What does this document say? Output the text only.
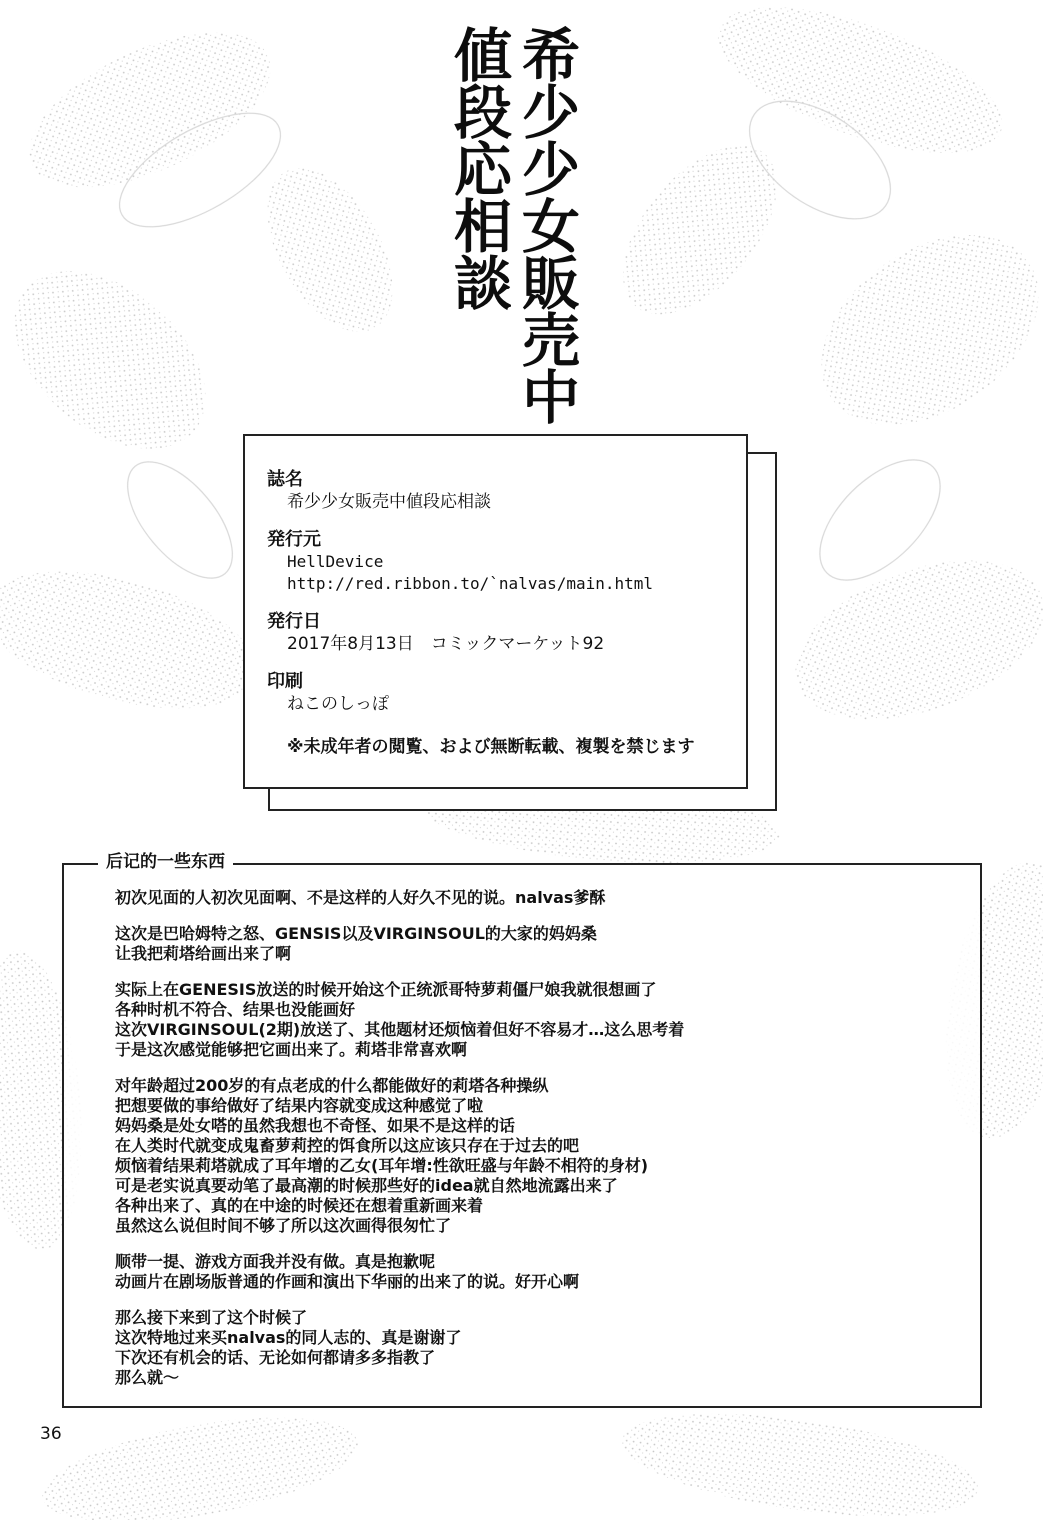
希少少女販売中
値段応相談
誌名
希少少女販売中値段応相談
発行元
HellDevice
http://red.ribbon.to/`nalvas/main.html
発行日
2017年8月13日　コミックマーケット92
印刷
ねこのしっぽ
※未成年者の閲覧、および無断転載、複製を禁じます
后记的一些东西
初次见面的人初次见面啊、不是这样的人好久不见的说。nalvas爹酥
这次是巴哈姆特之怒、GENSIS以及VIRGINSOUL的大家的妈妈桑
让我把莉塔给画出来了啊
实际上在GENESIS放送的时候开始这个正统派哥特萝莉僵尸娘我就很想画了
各种时机不符合、结果也没能画好
这次VIRGINSOUL(2期)放送了、其他题材还烦恼着但好不容易才…这么思考着
于是这次感觉能够把它画出来了。莉塔非常喜欢啊
对年龄超过200岁的有点老成的什么都能做好的莉塔各种操纵
把想要做的事给做好了结果内容就变成这种感觉了啦
妈妈桑是处女嗒的虽然我想也不奇怪、如果不是这样的话
在人类时代就变成鬼畜萝莉控的饵食所以这应该只存在于过去的吧
烦恼着结果莉塔就成了耳年增的乙女(耳年增:性欲旺盛与年龄不相符的身材)
可是老实说真要动笔了最高潮的时候那些好的idea就自然地流露出来了
各种出来了、真的在中途的时候还在想着重新画来着
虽然这么说但时间不够了所以这次画得很匆忙了
顺带一提、游戏方面我并没有做。真是抱歉呢
动画片在剧场版普通的作画和演出下华丽的出来了的说。好开心啊
那么接下来到了这个时候了
这次特地过来买nalvas的同人志的、真是谢谢了
下次还有机会的话、无论如何都请多多指教了
那么就～
36
